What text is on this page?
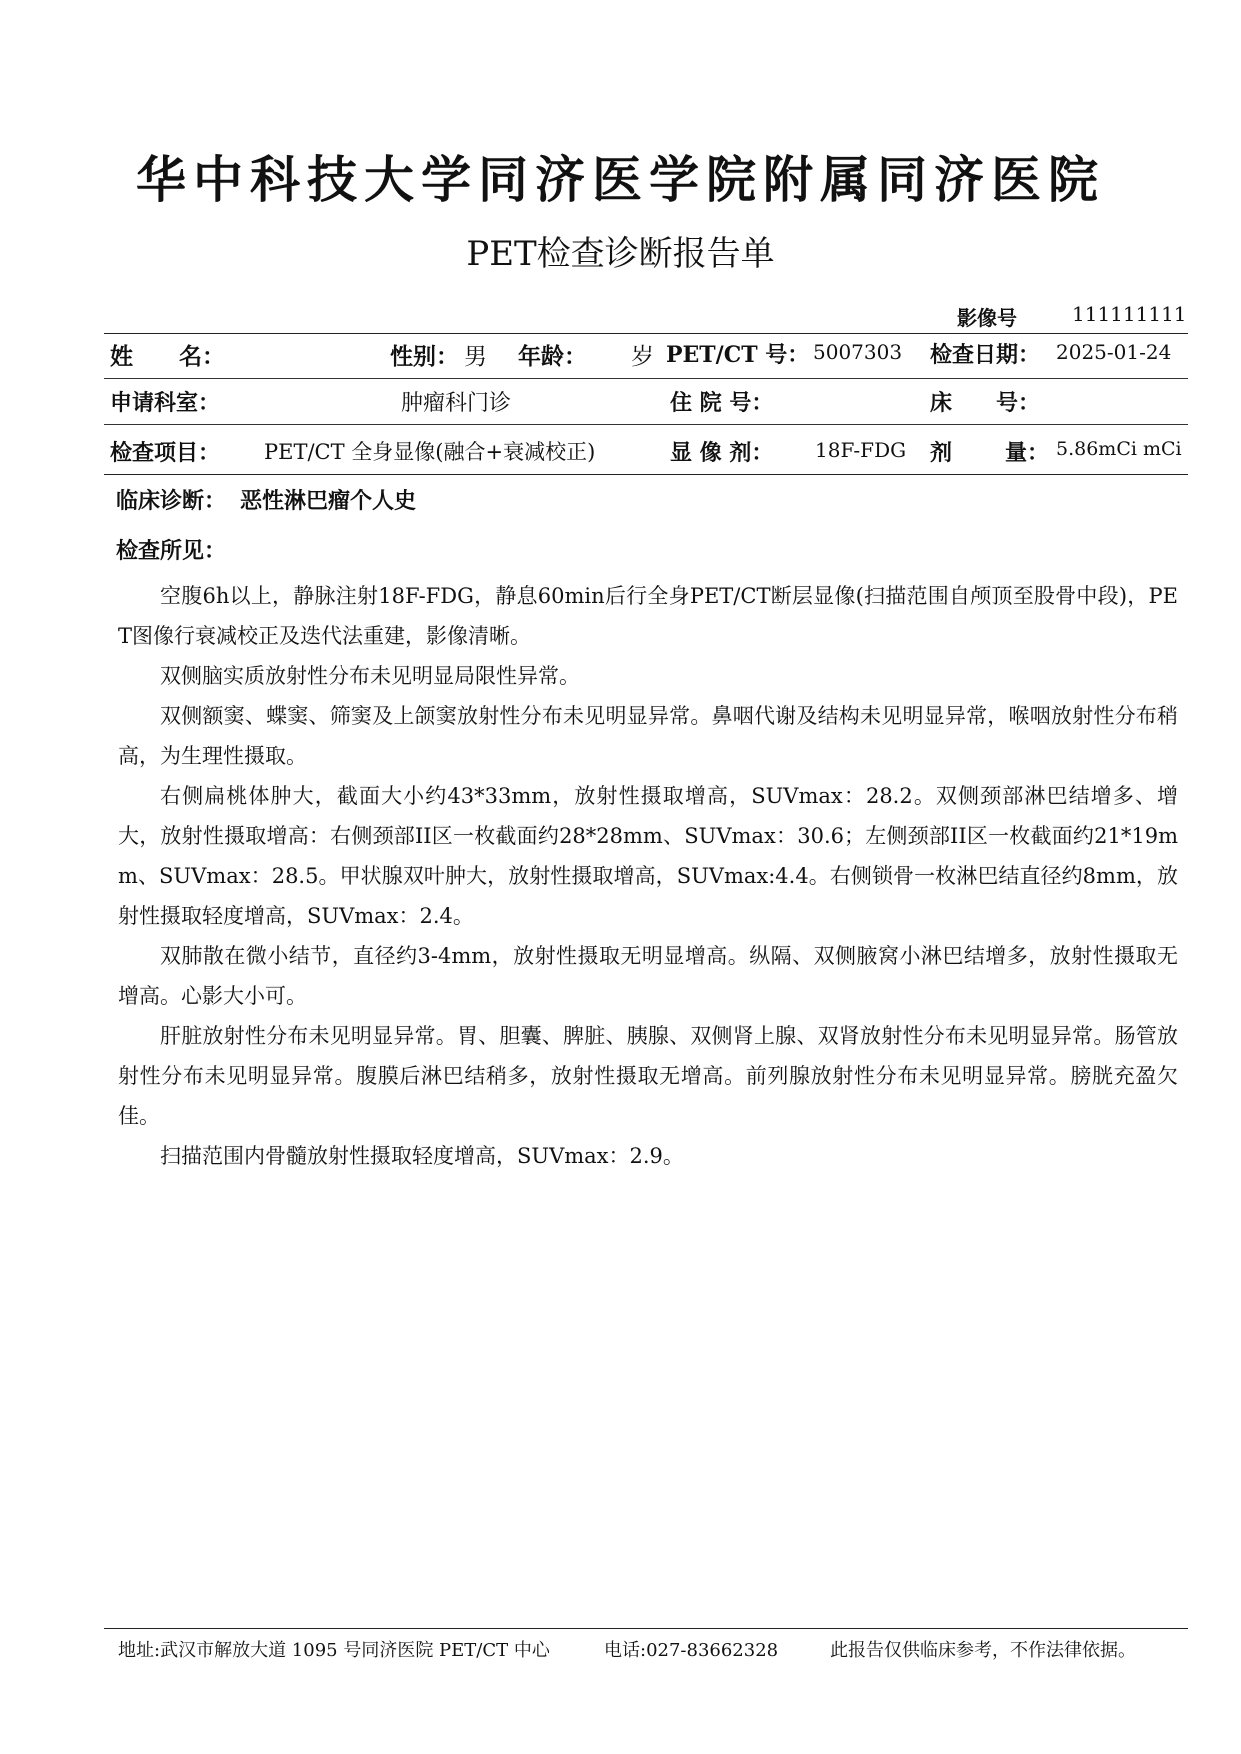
华中科技大学同济医学院附属同济医院
PET检查诊断报告单
影像号	111111111
姓　　名：	性别： 男 年龄： 岁 PET/CT 号： 5007303 检查日期： 2025-01-24
申请科室：	肿瘤科门诊	住 院 号：	床　　号：
检查项目： PET/CT 全身显像(融合+衰减校正)	显 像 剂： 18F-FDG 剂 量： 5.86mCi mCi
临床诊断： 恶性淋巴瘤个人史
检查所见：

空腹6h以上，静脉注射18F-FDG，静息60min后行全身PET/CT断层显像(扫描范围自颅顶至股骨中段)，PET图像行衰减校正及迭代法重建，影像清晰。

双侧脑实质放射性分布未见明显局限性异常。

双侧额窦、蝶窦、筛窦及上颌窦放射性分布未见明显异常。鼻咽代谢及结构未见明显异常，喉咽放射性分布稍高，为生理性摄取。

右侧扁桃体肿大，截面大小约43*33mm，放射性摄取增高，SUVmax：28.2。双侧颈部淋巴结增多、增大，放射性摄取增高：右侧颈部II区一枚截面约28*28mm、SUVmax：30.6；左侧颈部II区一枚截面约21*19mm、SUVmax：28.5。甲状腺双叶肿大，放射性摄取增高，SUVmax:4.4。右侧锁骨一枚淋巴结直径约8mm，放射性摄取轻度增高，SUVmax：2.4。

双肺散在微小结节，直径约3-4mm，放射性摄取无明显增高。纵隔、双侧腋窝小淋巴结增多，放射性摄取无增高。心影大小可。

肝脏放射性分布未见明显异常。胃、胆囊、脾脏、胰腺、双侧肾上腺、双肾放射性分布未见明显异常。肠管放射性分布未见明显异常。腹膜后淋巴结稍多，放射性摄取无增高。前列腺放射性分布未见明显异常。膀胱充盈欠佳。

扫描范围内骨髓放射性摄取轻度增高，SUVmax：2.9。

地址:武汉市解放大道 1095 号同济医院 PET/CT 中心	电话:027-83662328	此报告仅供临床参考，不作法律依据。
